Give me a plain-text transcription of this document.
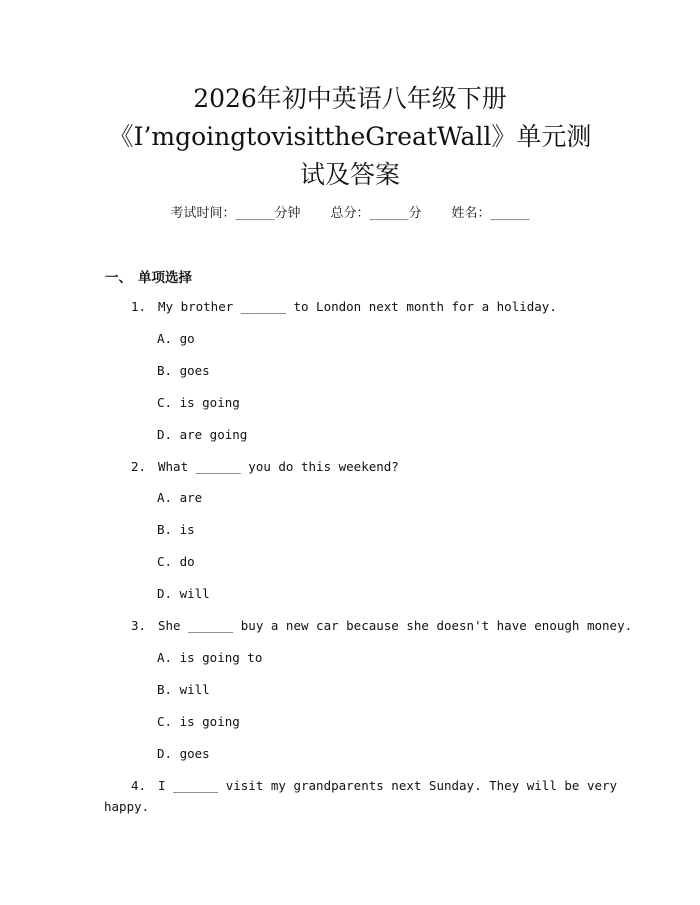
2026年初中英语八年级下册
《I’mgoingtovisittheGreatWall》单元测
试及答案
考试时间：______分钟 总分：______分 姓名：______
一、 单项选择
1. My brother ______ to London next month for a holiday.
A. go
B. goes
C. is going
D. are going
2. What ______ you do this weekend?
A. are
B. is
C. do
D. will
3. She ______ buy a new car because she doesn't have enough money.
A. is going to
B. will
C. is going
D. goes
4. I ______ visit my grandparents next Sunday. They will be very
happy.
